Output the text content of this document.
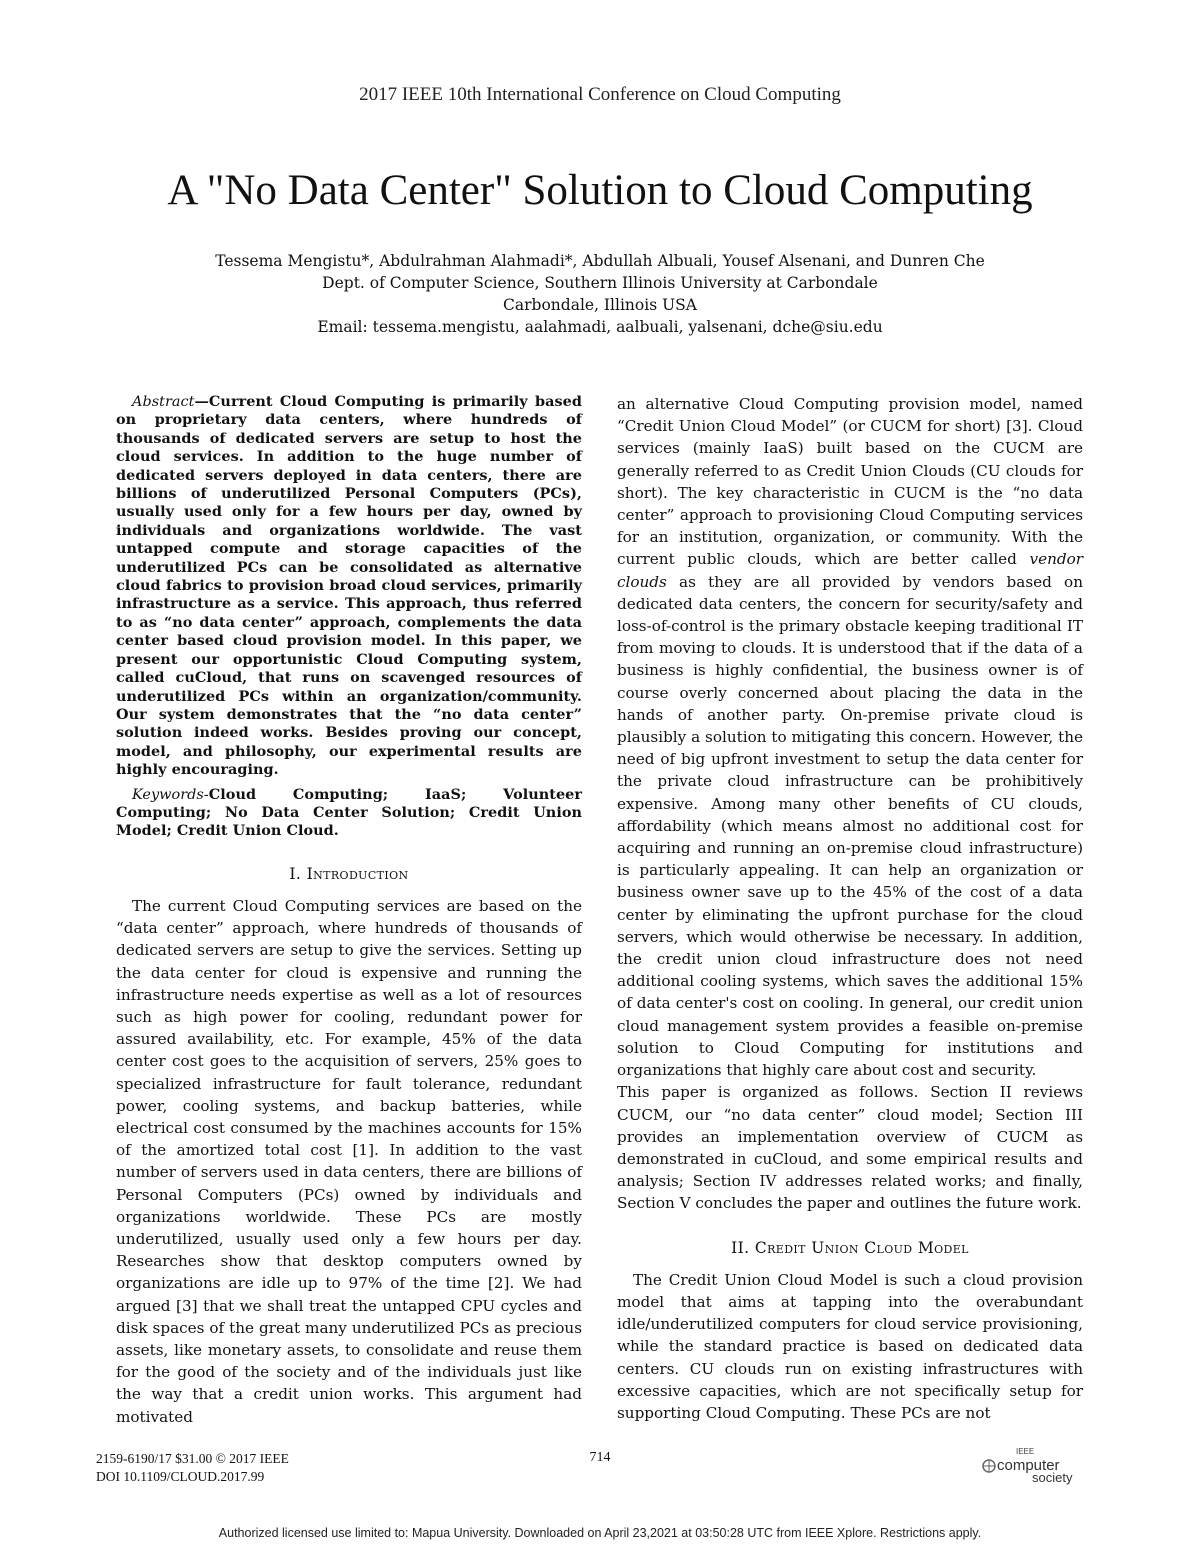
2017 IEEE 10th International Conference on Cloud Computing
A "No Data Center" Solution to Cloud Computing
Tessema Mengistu*, Abdulrahman Alahmadi*, Abdullah Albuali, Yousef Alsenani, and Dunren Che
Dept. of Computer Science, Southern Illinois University at Carbondale
Carbondale, Illinois USA
Email: tessema.mengistu, aalahmadi, aalbuali, yalsenani, dche@siu.edu

Abstract—Current Cloud Computing is primarily based on proprietary data centers, where hundreds of thousands of dedicated servers are setup to host the cloud services. In addition to the huge number of dedicated servers deployed in data centers, there are billions of underutilized Personal Computers (PCs), usually used only for a few hours per day, owned by individuals and organizations worldwide. The vast untapped compute and storage capacities of the underutilized PCs can be consolidated as alternative cloud fabrics to provision broad cloud services, primarily infrastructure as a service. This approach, thus referred to as “no data center” approach, complements the data center based cloud provision model. In this paper, we present our opportunistic Cloud Computing system, called cuCloud, that runs on scavenged resources of underutilized PCs within an organization/community. Our system demonstrates that the “no data center” solution indeed works. Besides proving our concept, model, and philosophy, our experimental results are highly encouraging.

Keywords-Cloud Computing; IaaS; Volunteer Computing; No Data Center Solution; Credit Union Model; Credit Union Cloud.

I. Introduction

The current Cloud Computing services are based on the “data center” approach, where hundreds of thousands of dedicated servers are setup to give the services. Setting up the data center for cloud is expensive and running the infrastructure needs expertise as well as a lot of resources such as high power for cooling, redundant power for assured availability, etc. For example, 45% of the data center cost goes to the acquisition of servers, 25% goes to specialized infrastructure for fault tolerance, redundant power, cooling systems, and backup batteries, while electrical cost consumed by the machines accounts for 15% of the amortized total cost [1]. In addition to the vast number of servers used in data centers, there are billions of Personal Computers (PCs) owned by individuals and organizations worldwide. These PCs are mostly underutilized, usually used only a few hours per day. Researches show that desktop computers owned by organizations are idle up to 97% of the time [2]. We had argued [3] that we shall treat the untapped CPU cycles and disk spaces of the great many underutilized PCs as precious assets, like monetary assets, to consolidate and reuse them for the good of the society and of the individuals just like the way that a credit union works. This argument had motivated

an alternative Cloud Computing provision model, named “Credit Union Cloud Model” (or CUCM for short) [3]. Cloud services (mainly IaaS) built based on the CUCM are generally referred to as Credit Union Clouds (CU clouds for short). The key characteristic in CUCM is the “no data center” approach to provisioning Cloud Computing services for an institution, organization, or community. With the current public clouds, which are better called vendor clouds as they are all provided by vendors based on dedicated data centers, the concern for security/safety and loss-of-control is the primary obstacle keeping traditional IT from moving to clouds. It is understood that if the data of a business is highly confidential, the business owner is of course overly concerned about placing the data in the hands of another party. On-premise private cloud is plausibly a solution to mitigating this concern. However, the need of big upfront investment to setup the data center for the private cloud infrastructure can be prohibitively expensive. Among many other benefits of CU clouds, affordability (which means almost no additional cost for acquiring and running an on-premise cloud infrastructure) is particularly appealing. It can help an organization or business owner save up to the 45% of the cost of a data center by eliminating the upfront purchase for the cloud servers, which would otherwise be necessary. In addition, the credit union cloud infrastructure does not need additional cooling systems, which saves the additional 15% of data center's cost on cooling. In general, our credit union cloud management system provides a feasible on-premise solution to Cloud Computing for institutions and organizations that highly care about cost and security.

This paper is organized as follows. Section II reviews CUCM, our “no data center” cloud model; Section III provides an implementation overview of CUCM as demonstrated in cuCloud, and some empirical results and analysis; Section IV addresses related works; and finally, Section V concludes the paper and outlines the future work.

II. Credit Union Cloud Model

The Credit Union Cloud Model is such a cloud provision model that aims at tapping into the overabundant idle/underutilized computers for cloud service provisioning, while the standard practice is based on dedicated data centers. CU clouds run on existing infrastructures with excessive capacities, which are not specifically setup for supporting Cloud Computing. These PCs are not

2159-6190/17 $31.00 © 2017 IEEE
DOI 10.1109/CLOUD.2017.99
714	IEEE
computer
society
Authorized licensed use limited to: Mapua University. Downloaded on April 23,2021 at 03:50:28 UTC from IEEE Xplore. Restrictions apply.
